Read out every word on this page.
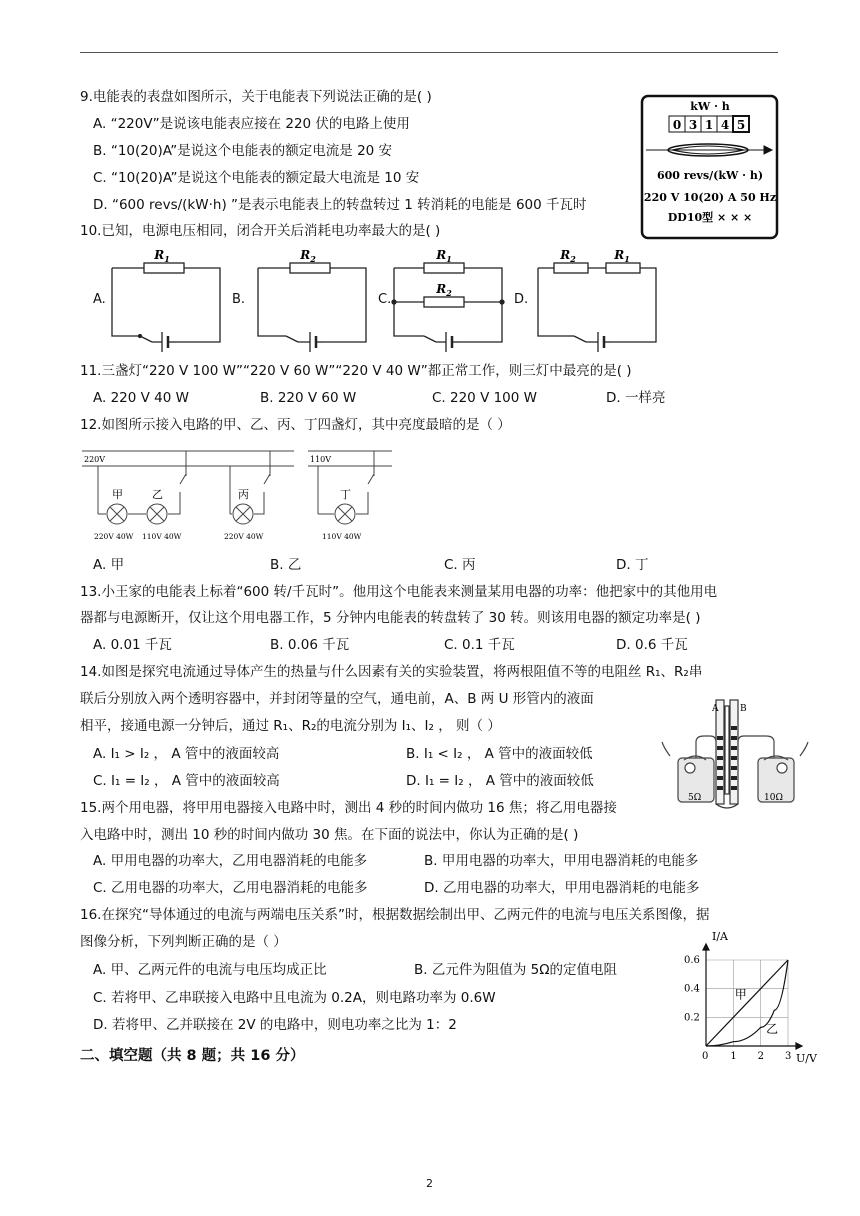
9.电能表的表盘如图所示，关于电能表下列说法正确的是( )
A. “220V”是说该电能表应接在 220 伏的电路上使用
B. “10(20)A”是说这个电能表的额定电流是 20 安
C. “10(20)A”是说这个电能表的额定最大电流是 10 安
D. “600 revs/(kW·h) ”是表示电能表上的转盘转过 1 转消耗的电能是 600 千瓦时
kW · h
0 3 1 4 5
600 revs/(kW · h)
220 V 10(20) A 50 Hz
DD10型 × × ×
10.已知，电源电压相同，闭合开关后消耗电功率最大的是( )
A.
$R_1$
B.
$R_2$
C.
$R_1$
$R_2$	D.
$R_2$	$R_1$
11.三盏灯“220 V 100 W”“220 V 60 W”“220 V 40 W”都正常工作，则三灯中最亮的是( )
A. 220 V 40 W	B. 220 V 60 W	C. 220 V 100 W	D. 一样亮
12.如图所示接入电路的甲、乙、丙、丁四盏灯，其中亮度最暗的是（ ）
220V	110V
甲	乙	丙	丁
220V 40W 110V 40W	220V 40W	110V 40W
A. 甲	B. 乙	C. 丙	D. 丁
13.小王家的电能表上标着“600 转/千瓦时”。他用这个电能表来测量某用电器的功率：他把家中的其他用电
器都与电源断开，仅让这个用电器工作，5 分钟内电能表的转盘转了 30 转。则该用电器的额定功率是( )
A. 0.01 千瓦	B. 0.06 千瓦	C. 0.1 千瓦	D. 0.6 千瓦
14.如图是探究电流通过导体产生的热量与什么因素有关的实验装置，将两根阻值不等的电阻丝 R₁、R₂串
联后分别放入两个透明容器中，并封闭等量的空气，通电前，A、B 两 U 形管内的液面
相平，接通电源一分钟后，通过 R₁、R₂的电流分别为 I₁、I₂ ， 则（ ）
A. I₁ > I₂ ， A 管中的液面较高	B. I₁ < I₂ ， A 管中的液面较低
C. I₁ = I₂ ， A 管中的液面较高	D. I₁ = I₂ ， A 管中的液面较低
A B
5Ω	10Ω
15.两个用电器，将甲用电器接入电路中时，测出 4 秒的时间内做功 16 焦；将乙用电器接
入电路中时，测出 10 秒的时间内做功 30 焦。在下面的说法中，你认为正确的是( )
A. 甲用电器的功率大，乙用电器消耗的电能多	B. 甲用电器的功率大，甲用电器消耗的电能多
C. 乙用电器的功率大，乙用电器消耗的电能多	D. 乙用电器的功率大，甲用电器消耗的电能多
16.在探究“导体通过的电流与两端电压关系”时，根据数据绘制出甲、乙两元件的电流与电压关系图像，据
图像分析，下列判断正确的是（ ）
A. 甲、乙两元件的电流与电压均成正比	B. 乙元件为阻值为 5Ω的定值电阻
C. 若将甲、乙串联接入电路中且电流为 0.2A，则电路功率为 0.6W
D. 若将甲、乙并联接在 2V 的电路中，则电功率之比为 1：2
甲
乙
0 1 2 3
0.2
0.4
0.6
I/A
U/V
二、填空题（共 8 题；共 16 分）
2
